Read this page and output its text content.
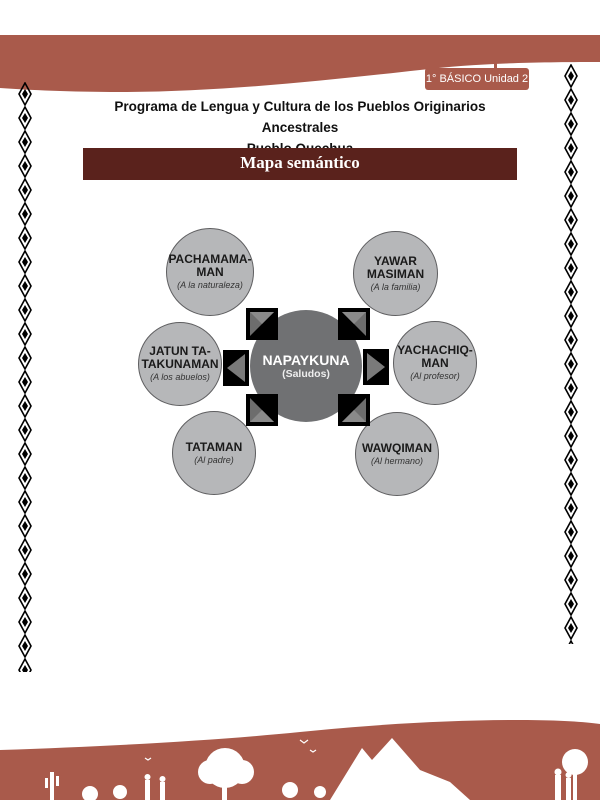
1° BÁSICO Unidad 2
Programa de Lengua y Cultura de los Pueblos Originarios Ancestrales
Mapa semántico
PACHAMAMA-
MAN
(A la naturaleza)
YAWAR
MASIMAN
(A la familia)
JATUN TA-
TAKUNAMAN
(A los abuelos)
YACHACHIQ-
MAN
(Al profesor)
TATAMAN
(Al padre)
WAWQIMAN
(Al hermano)
NAPAYKUNA
(Saludos)
